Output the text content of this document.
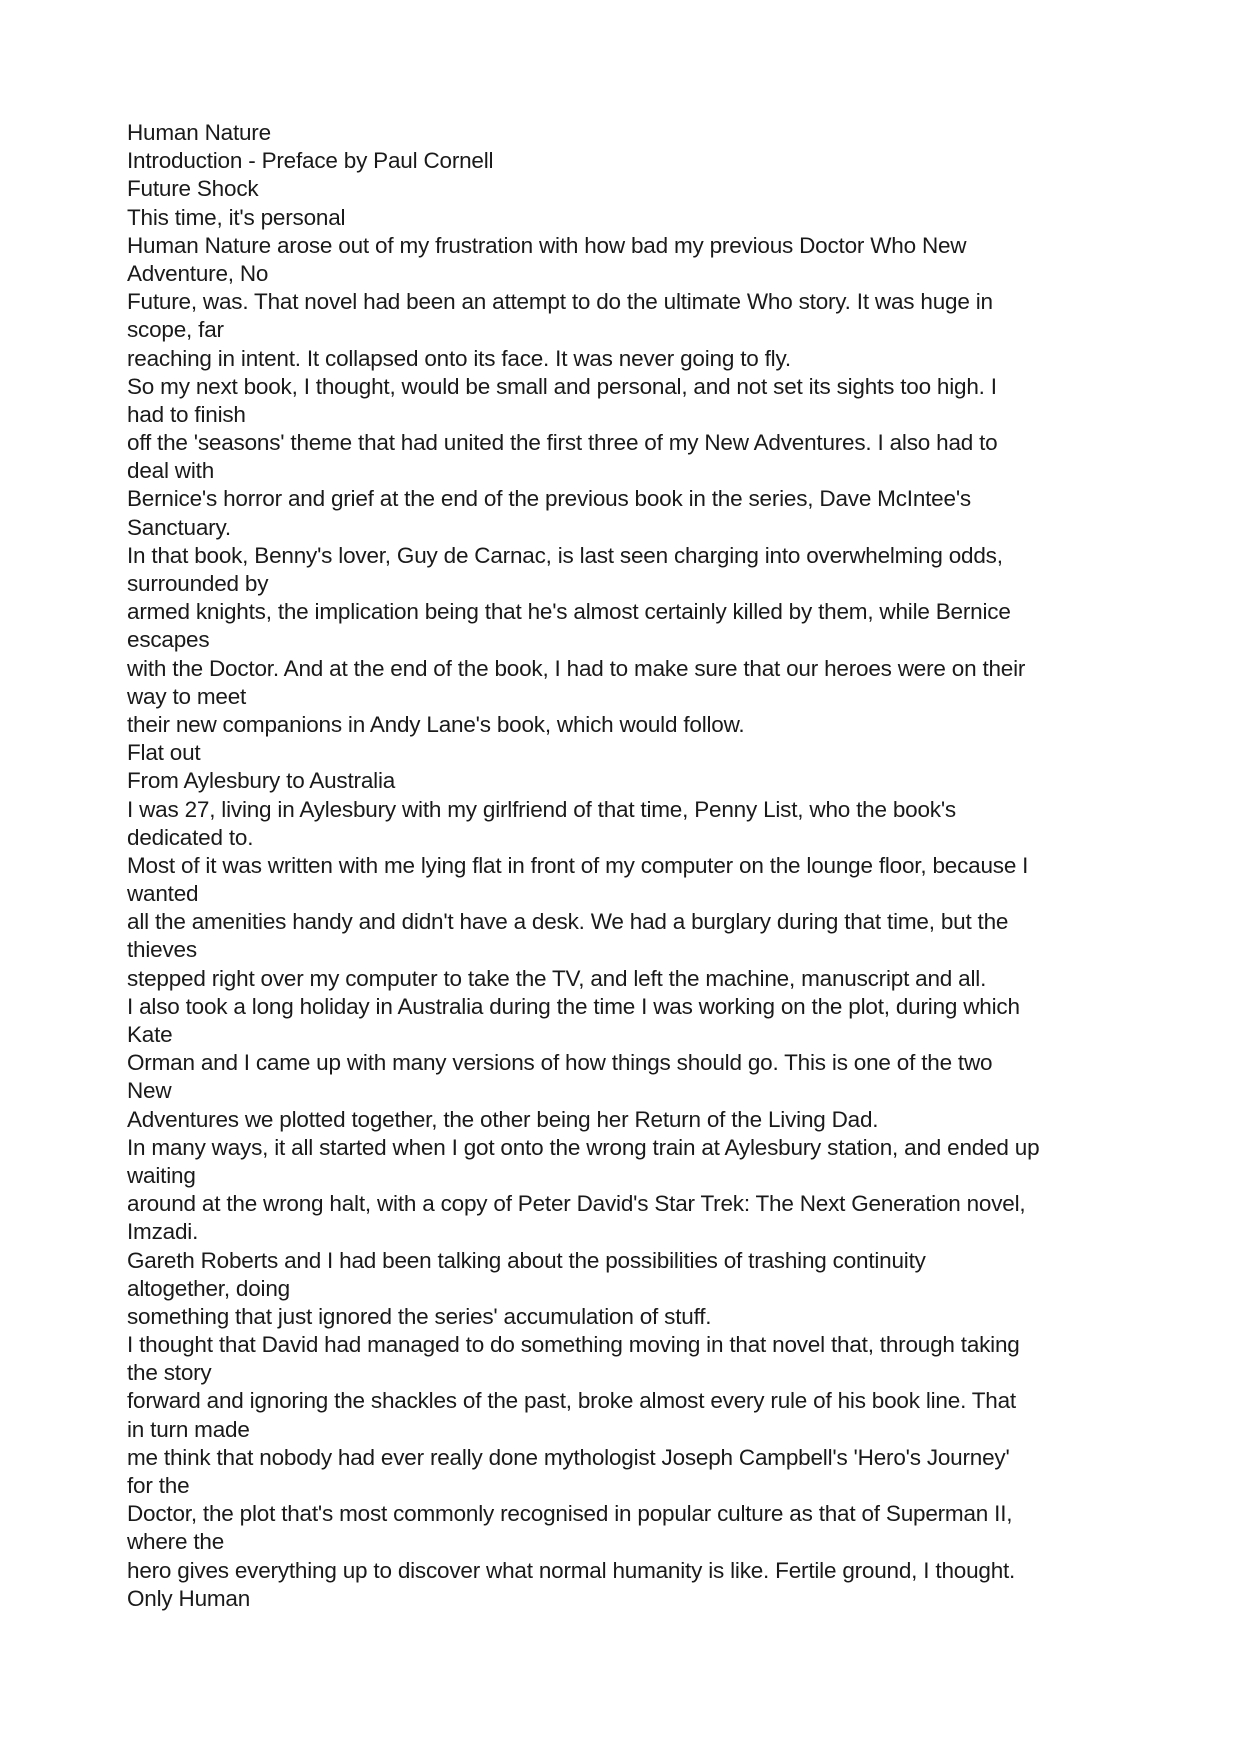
Human Nature
Introduction - Preface by Paul Cornell
Future Shock
This time, it's personal
Human Nature arose out of my frustration with how bad my previous Doctor Who New
Adventure, No
Future, was. That novel had been an attempt to do the ultimate Who story. It was huge in
scope, far
reaching in intent. It collapsed onto its face. It was never going to fly.
So my next book, I thought, would be small and personal, and not set its sights too high. I
had to finish
off the 'seasons' theme that had united the first three of my New Adventures. I also had to
deal with
Bernice's horror and grief at the end of the previous book in the series, Dave McIntee's
Sanctuary.
In that book, Benny's lover, Guy de Carnac, is last seen charging into overwhelming odds,
surrounded by
armed knights, the implication being that he's almost certainly killed by them, while Bernice
escapes
with the Doctor. And at the end of the book, I had to make sure that our heroes were on their
way to meet
their new companions in Andy Lane's book, which would follow.
Flat out
From Aylesbury to Australia
I was 27, living in Aylesbury with my girlfriend of that time, Penny List, who the book's
dedicated to.
Most of it was written with me lying flat in front of my computer on the lounge floor, because I
wanted
all the amenities handy and didn't have a desk. We had a burglary during that time, but the
thieves
stepped right over my computer to take the TV, and left the machine, manuscript and all.
I also took a long holiday in Australia during the time I was working on the plot, during which
Kate
Orman and I came up with many versions of how things should go. This is one of the two
New
Adventures we plotted together, the other being her Return of the Living Dad.
In many ways, it all started when I got onto the wrong train at Aylesbury station, and ended up
waiting
around at the wrong halt, with a copy of Peter David's Star Trek: The Next Generation novel,
Imzadi.
Gareth Roberts and I had been talking about the possibilities of trashing continuity
altogether, doing
something that just ignored the series' accumulation of stuff.
I thought that David had managed to do something moving in that novel that, through taking
the story
forward and ignoring the shackles of the past, broke almost every rule of his book line. That
in turn made
me think that nobody had ever really done mythologist Joseph Campbell's 'Hero's Journey'
for the
Doctor, the plot that's most commonly recognised in popular culture as that of Superman II,
where the
hero gives everything up to discover what normal humanity is like. Fertile ground, I thought.
Only Human
